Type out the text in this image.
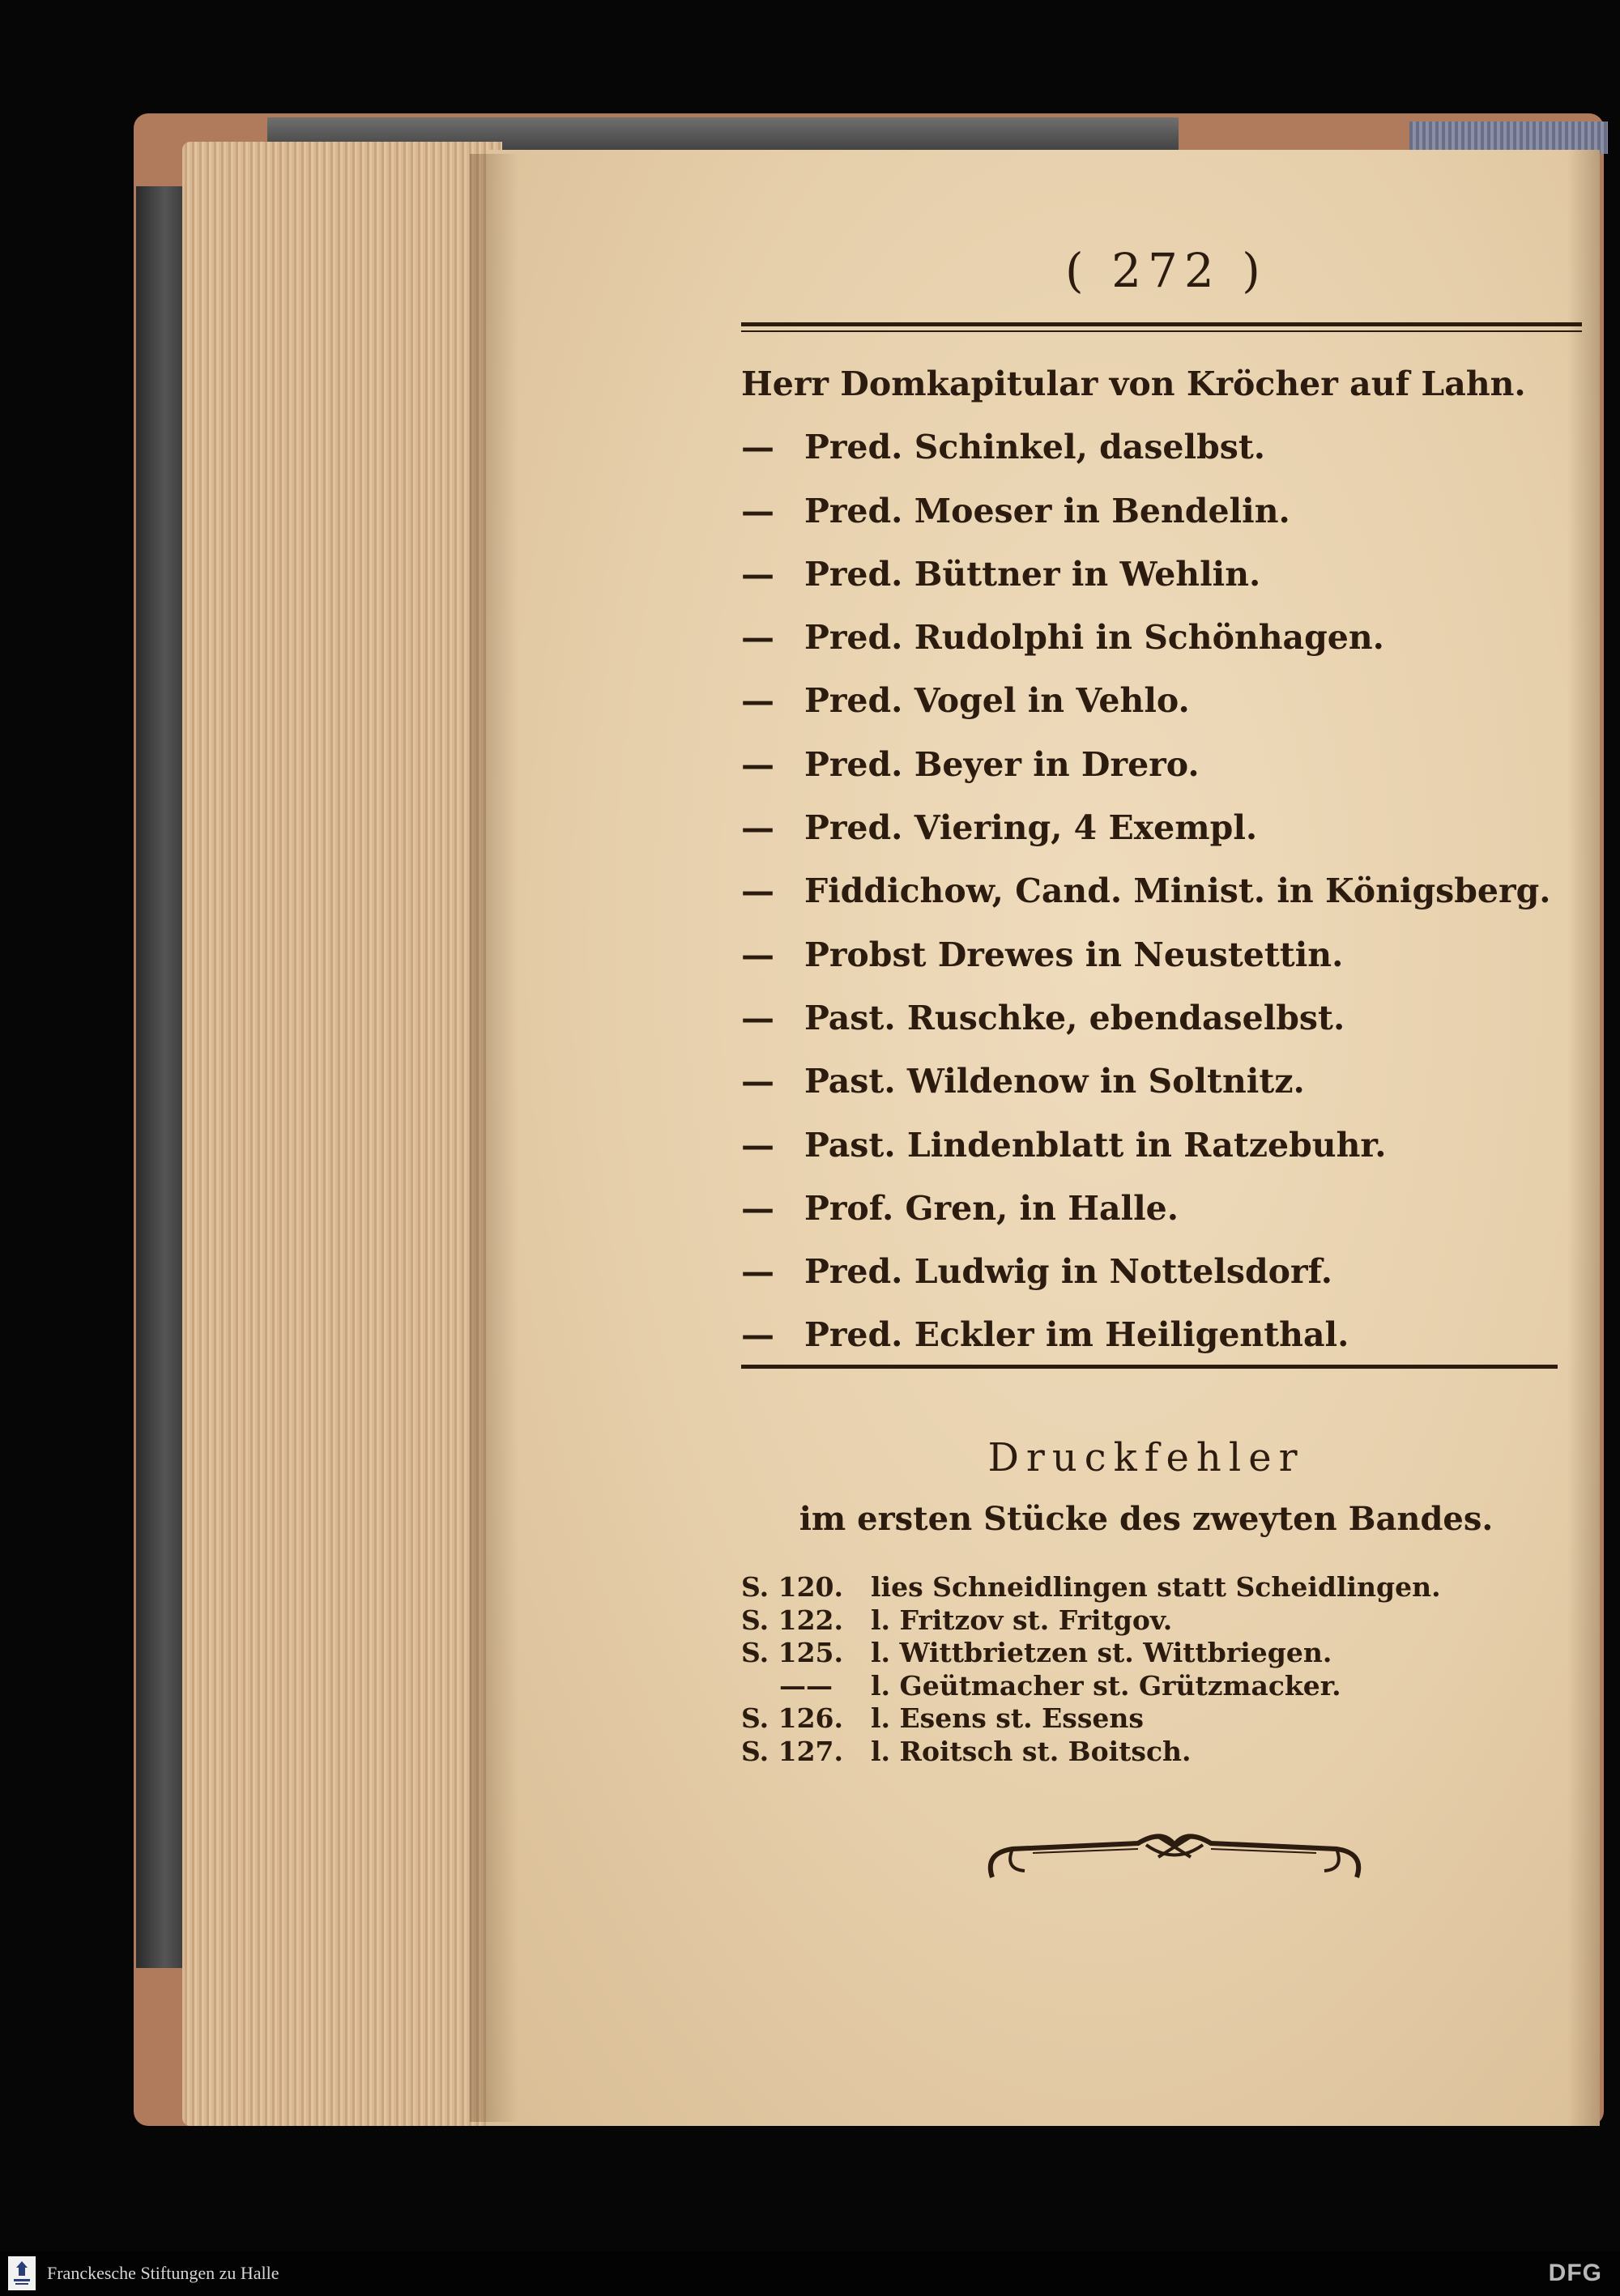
( 272 )
Herr Domkapitular von Kröcher auf Lahn.
— Pred. Schinkel, daselbst.
— Pred. Moeser in Bendelin.
— Pred. Büttner in Wehlin.
— Pred. Rudolphi in Schönhagen.
— Pred. Vogel in Vehlo.
— Pred. Beyer in Drero.
— Pred. Viering, 4 Exempl.
— Fiddichow, Cand. Minist. in Königsberg.
— Probst Drewes in Neustettin.
— Past. Ruschke, ebendaselbst.
— Past. Wildenow in Soltnitz.
— Past. Lindenblatt in Ratzebuhr.
— Prof. Gren, in Halle.
— Pred. Ludwig in Nottelsdorf.
— Pred. Eckler im Heiligenthal.
Druckfehler
im ersten Stücke des zweyten Bandes.
S. 120. lies Schneidlingen statt Scheidlingen.
S. 122. l. Fritzov st. Fritgov.
S. 125. l. Wittbrietzen st. Wittbriegen.
—— l. Geütmacher st. Grützmacker.
S. 126. l. Esens st. Essens
S. 127. l. Roitsch st. Boitsch.
Franckesche Stiftungen zu Halle	DFG
